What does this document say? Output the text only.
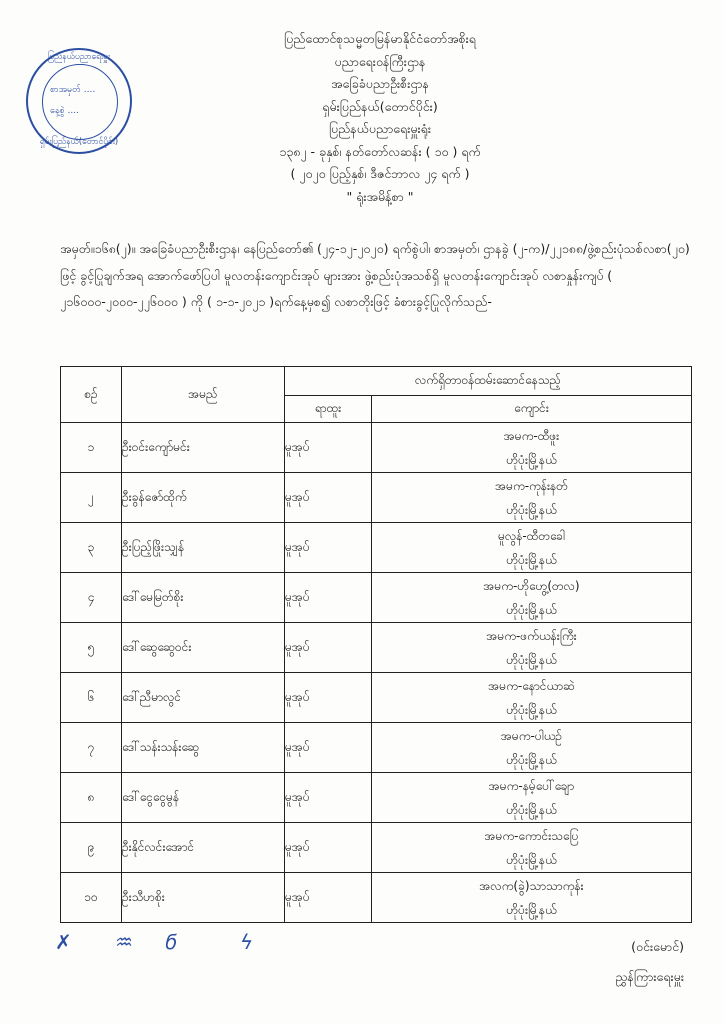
ပြည်နယ်ပညာရေးမှူး
စာအမှတ် ....
နေ့စွဲ ....
ရှမ်းပြည်နယ်(တောင်ပိုင်း)
ပြည်ထောင်စုသမ္မတမြန်မာနိုင်ငံတော်အစိုးရ
ပညာရေးဝန်ကြီးဌာန
အခြေခံပညာဦးစီးဌာန
ရှမ်းပြည်နယ်(တောင်ပိုင်း)
ပြည်နယ်ပညာရေးမှူးရုံး
၁၃၈၂ - ခုနှစ်၊ နတ်တော်လဆန်း ( ၁၀ ) ရက်
( ၂၀၂၀ ပြည့်နှစ်၊ ဒီဇင်ဘာလ ၂၄ ရက် )
" ရုံးအမိန့်စာ "
အမှတ်။၁၆၈(၂)။ အခြေခံပညာဦးစီးဌာန၊ နေပြည်တော်၏ (၂၄-၁၂-၂၀၂၀) ရက်စွဲပါ၊ စာအမှတ်၊ ဌာနခွဲ (၂-က)/၂၂၁၈၈/ဖွဲ့စည်းပုံသစ်လစာ(၂၀) ဖြင့် ခွင့်ပြုချက်အရ အောက်ဖော်ပြပါ မူလတန်းကျောင်းအုပ် များအား ဖွဲ့စည်းပုံအသစ်ရှိ မူလတန်းကျောင်းအုပ် လစာနှုန်းကျပ် ( ၂၁၆၀၀၀-၂၀၀၀-၂၂၆၀၀၀ ) ကို ( ၁-၁-၂၀၂၁ )ရက်နေ့မှစ၍ လစာတိုးဖြင့် ခံစားခွင့်ပြုလိုက်သည်-
စဉ်	အမည်	လက်ရှိတာဝန်ထမ်းဆောင်နေသည့်	
		ရာထူး	ကျောင်း
၁	ဦးဝင်းကျော်မင်း	မူအုပ်	အမက-ထီဖူး
ဟိုပုံးမြို့နယ်

၂	ဦးခွန်ဇော်ထိုက်	မူအုပ်	အမက-ကုန်းနတ်
ဟိုပုံးမြို့နယ်

၃	ဦးပြည့်ဖြိုးသျှန်	မူအုပ်	မူလွန်-ထီတခေါ
ဟိုပုံးမြို့နယ်

၄	ဒေါ်မေမြတ်စိုး	မူအုပ်	အမက-ဟိုဟွေ့(တလ)
ဟိုပုံးမြို့နယ်

၅	ဒေါ်ဆွေဆွေဝင်း	မူအုပ်	အမက-ဖက်ယန်းကြီး
ဟိုပုံးမြို့နယ်

၆	ဒေါ်ညီမာလွင်	မူအုပ်	အမက-နောင်ယာဆဲ
ဟိုပုံးမြို့နယ်

၇	ဒေါ်သန်းသန်းဆွေ	မူအုပ်	အမက-ပါယဉ်
ဟိုပုံးမြို့နယ်

၈	ဒေါ်ငွေငွေမွန်	မူအုပ်	အမက-နမ့်ပေါ်ချော
ဟိုပုံးမြို့နယ်

၉	ဦးနိုင်လင်းအောင်	မူအုပ်	အမက-ကောင်းသပြေ
ဟိုပုံးမြို့နယ်

၁၀	ဦးသီဟစိုး	မူအုပ်	အလက(ခွဲ)သာသာကုန်း
ဟိုပုံးမြို့နယ်
✗ ♒ ϭ	ϟ	(ဝင်းမောင်)
ညွှန်ကြားရေးမှူး
